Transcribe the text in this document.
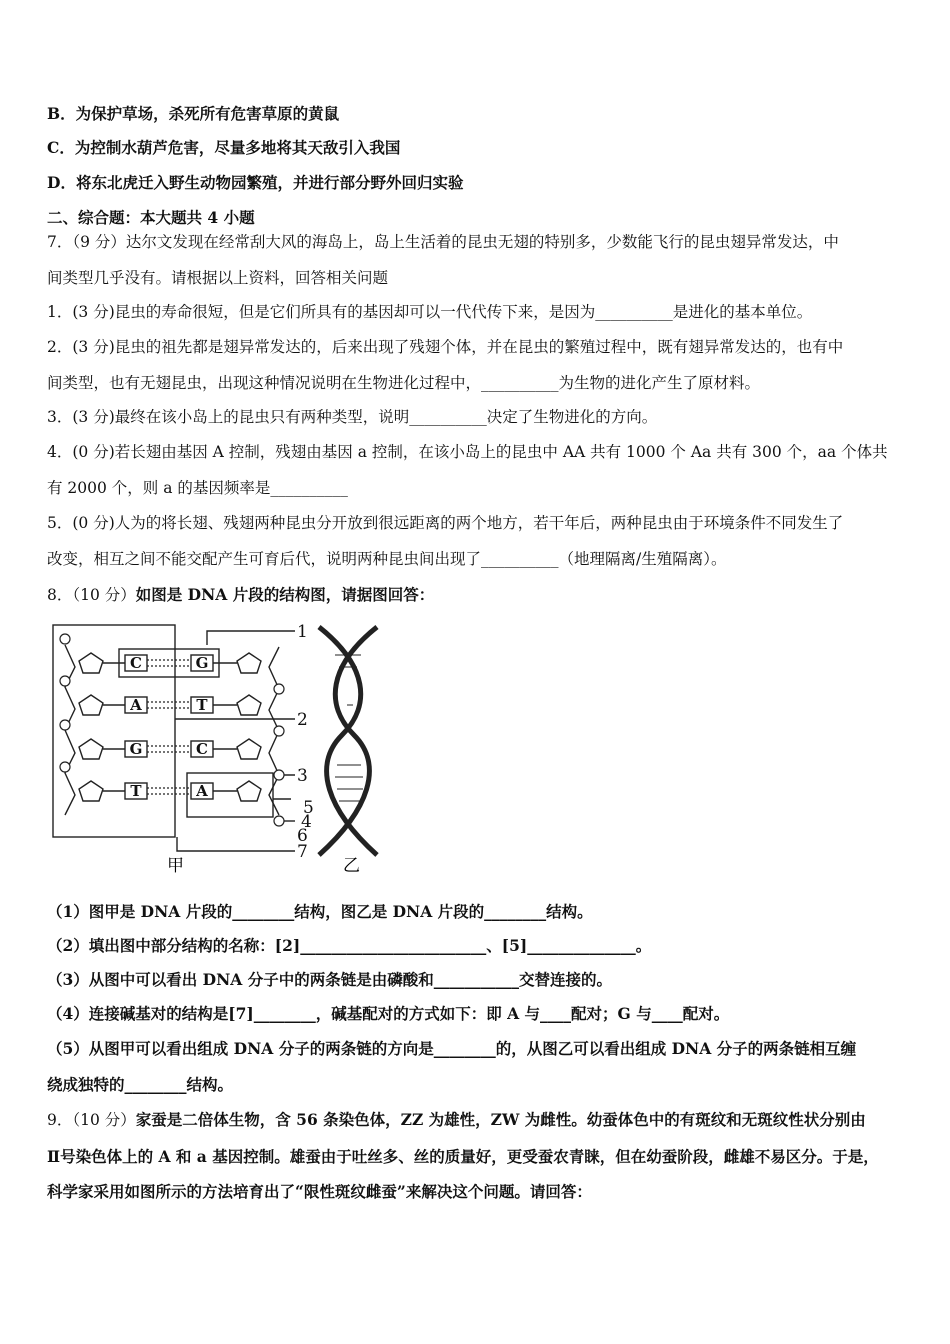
B．为保护草场，杀死所有危害草原的黄鼠
C．为控制水葫芦危害，尽量多地将其天敌引入我国
D．将东北虎迁入野生动物园繁殖，并进行部分野外回归实验
二、综合题：本大题共 4 小题
7．（9 分）达尔文发现在经常刮大风的海岛上，岛上生活着的昆虫无翅的特别多，少数能飞行的昆虫翅异常发达，中
间类型几乎没有。请根据以上资料，回答相关问题
1．(3 分)昆虫的寿命很短，但是它们所具有的基因却可以一代代传下来，是因为__________是进化的基本单位。
2．(3 分)昆虫的祖先都是翅异常发达的，后来出现了残翅个体，并在昆虫的繁殖过程中，既有翅异常发达的，也有中
间类型，也有无翅昆虫，出现这种情况说明在生物进化过程中，__________为生物的进化产生了原材料。
3．(3 分)最终在该小岛上的昆虫只有两种类型，说明__________决定了生物进化的方向。
4．(0 分)若长翅由基因 A 控制，残翅由基因 a 控制，在该小岛上的昆虫中 AA 共有 1000 个 Aa 共有 300 个，aa 个体共
有 2000 个，则 a 的基因频率是__________
5．(0 分)人为的将长翅、残翅两种昆虫分开放到很远距离的两个地方，若干年后，两种昆虫由于环境条件不同发生了
改变，相互之间不能交配产生可育后代，说明两种昆虫间出现了__________（地理隔离/生殖隔离）。
8．（10 分）如图是 DNA 片段的结构图，请据图回答：
C	G
A	T
G	C
T	A
1
2
3
5
4
6
7
甲	乙
（1）图甲是 DNA 片段的________结构，图乙是 DNA 片段的________结构。
（2）填出图中部分结构的名称：[2]________________________、[5]______________。
（3）从图中可以看出 DNA 分子中的两条链是由磷酸和___________交替连接的。
（4）连接碱基对的结构是[7]________，碱基配对的方式如下：即 A 与____配对；G 与____配对。
（5）从图甲可以看出组成 DNA 分子的两条链的方向是________的，从图乙可以看出组成 DNA 分子的两条链相互缠
绕成独特的________结构。
9．（10 分）家蚕是二倍体生物，含 56 条染色体，ZZ 为雄性，ZW 为雌性。幼蚕体色中的有斑纹和无斑纹性状分别由
Ⅱ号染色体上的 A 和 a 基因控制。雄蚕由于吐丝多、丝的质量好，更受蚕农青睐，但在幼蚕阶段，雌雄不易区分。于是，
科学家采用如图所示的方法培育出了“限性斑纹雌蚕”来解决这个问题。请回答：
